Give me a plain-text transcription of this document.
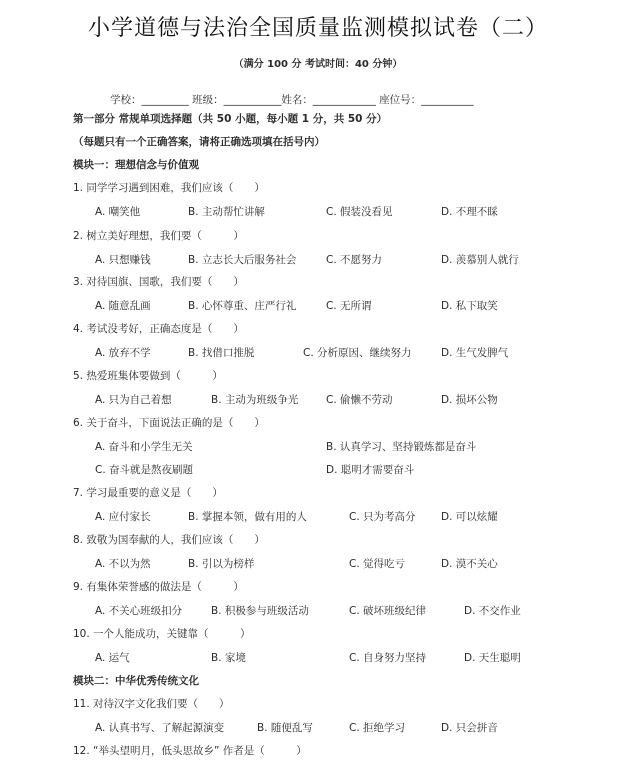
小学道德与法治全国质量监测模拟试卷（二）
（满分 100 分 考试时间：40 分钟）
学校：_________ 班级：___________姓名：____________ 座位号：__________
第一部分 常规单项选择题（共 50 小题，每小题 1 分，共 50 分）
（每题只有一个正确答案，请将正确选项填在括号内）
模块一：理想信念与价值观
模块二：中华优秀传统文化
1. 同学学习遇到困难，我们应该（　　）
A. 嘲笑他	B. 主动帮忙讲解	C. 假装没看见	D. 不理不睬
2. 树立美好理想，我们要（　　　）
A. 只想赚钱	B. 立志长大后服务社会	C. 不愿努力	D. 羡慕别人就行
3. 对待国旗、国歌，我们要（　　）
A. 随意乱画	B. 心怀尊重、庄严行礼	C. 无所谓	D. 私下取笑
4. 考试没考好，正确态度是（　　）
A. 放弃不学	B. 找借口推脱	C. 分析原因、继续努力	D. 生气发脾气
5. 热爱班集体要做到（　　　）
A. 只为自己着想	B. 主动为班级争光	C. 偷懒不劳动	D. 损坏公物
6. 关于奋斗，下面说法正确的是（　　）
A. 奋斗和小学生无关	B. 认真学习、坚持锻炼都是奋斗
C. 奋斗就是熬夜刷题	D. 聪明才需要奋斗
7. 学习最重要的意义是（　　）
A. 应付家长	B. 掌握本领，做有用的人	C. 只为考高分 D. 可以炫耀
8. 致敬为国奉献的人，我们应该（　　）
A. 不以为然	B. 引以为榜样	C. 觉得吃亏	D. 漠不关心
9. 有集体荣誉感的做法是（　　　）
A. 不关心班级扣分	B. 积极参与班级活动	C. 破坏班级纪律	D. 不交作业
10. 一个人能成功，关键靠（　　　）
A. 运气	B. 家境	C. 自身努力坚持	D. 天生聪明
11. 对待汉字文化我们要（　　）
A. 认真书写、了解起源演变	B. 随便乱写	C. 拒绝学习	D. 只会拼音
12. “举头望明月，低头思故乡” 作者是（　　　）
